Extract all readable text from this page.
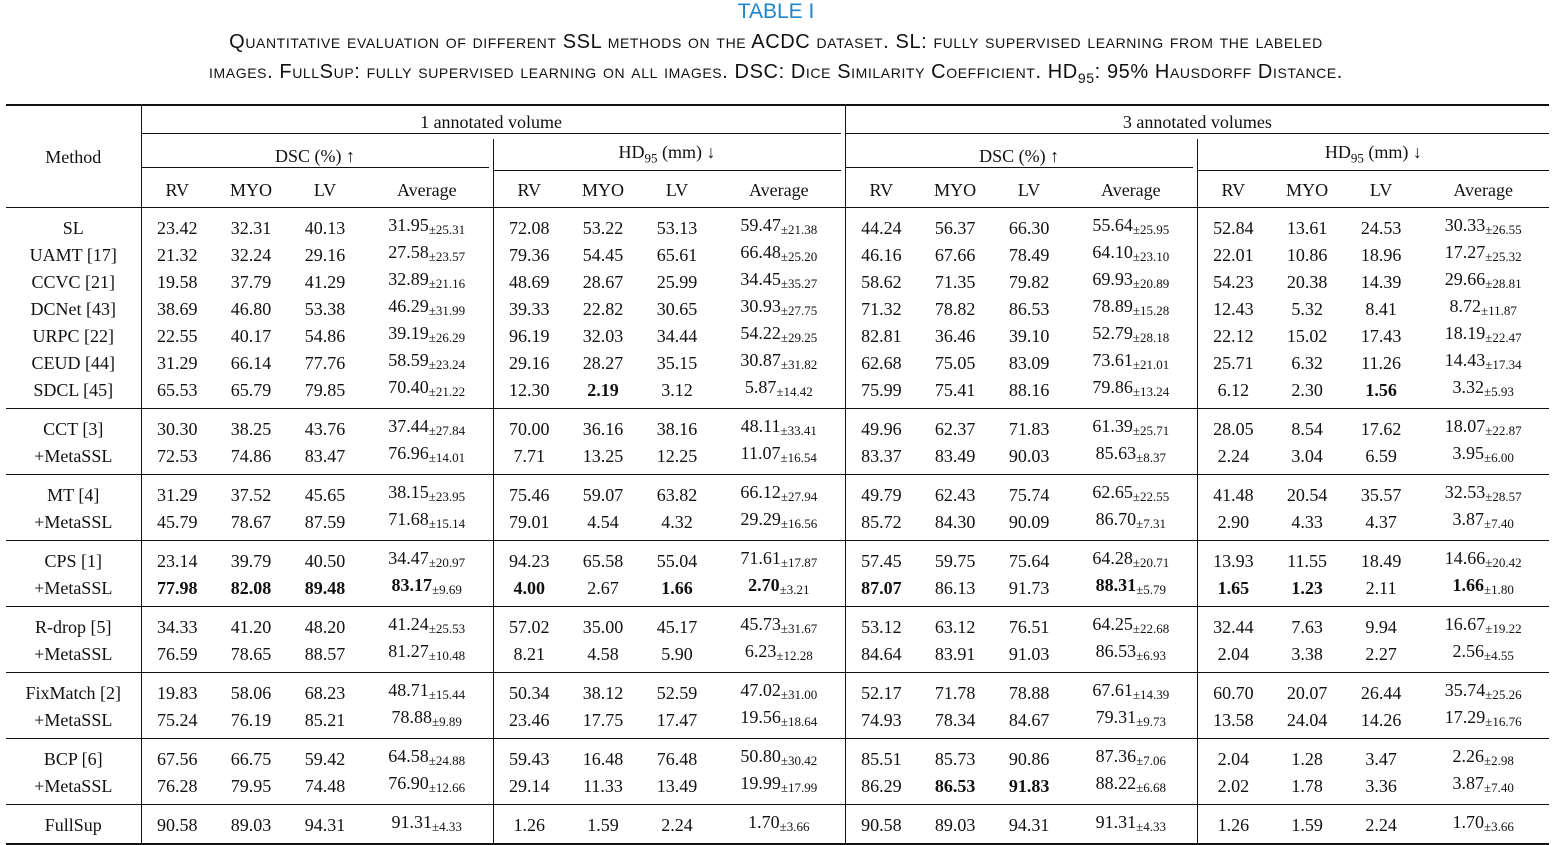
TABLE I
Quantitative evaluation of different SSL methods on the ACDC dataset. SL: fully supervised learning from the labeled
images. FullSup: fully supervised learning on all images. DSC: Dice Similarity Coefficient. $HD_{95}$: 95% Hausdorff Distance.
Method	1 annotated volume								3 annotated volumes							

	DSC (%) ↑				$HD_{95}$ (mm) ↓				DSC (%) ↑				$HD_{95}$ (mm) ↓			

	RV	MYO	LV	Average	RV	MYO	LV	Average	RV	MYO	LV	Average	RV	MYO	LV	Average
SL	23.42	32.31	40.13	31.95±25.31	72.08	53.22	53.13	59.47±21.38	44.24	56.37	66.30	55.64±25.95	52.84	13.61	24.53	30.33±26.55
UAMT [17]	21.32	32.24	29.16	27.58±23.57	79.36	54.45	65.61	66.48±25.20	46.16	67.66	78.49	64.10±23.10	22.01	10.86	18.96	17.27±25.32
CCVC [21]	19.58	37.79	41.29	32.89±21.16	48.69	28.67	25.99	34.45±35.27	58.62	71.35	79.82	69.93±20.89	54.23	20.38	14.39	29.66±28.81
DCNet [43]	38.69	46.80	53.38	46.29±31.99	39.33	22.82	30.65	30.93±27.75	71.32	78.82	86.53	78.89±15.28	12.43	5.32	8.41	8.72±11.87
URPC [22]	22.55	40.17	54.86	39.19±26.29	96.19	32.03	34.44	54.22±29.25	82.81	36.46	39.10	52.79±28.18	22.12	15.02	17.43	18.19±22.47
CEUD [44]	31.29	66.14	77.76	58.59±23.24	29.16	28.27	35.15	30.87±31.82	62.68	75.05	83.09	73.61±21.01	25.71	6.32	11.26	14.43±17.34
SDCL [45]	65.53	65.79	79.85	70.40±21.22	12.30	2.19	3.12	5.87±14.42	75.99	75.41	88.16	79.86±13.24	6.12	2.30	1.56	3.32±5.93
CCT [3]	30.30	38.25	43.76	37.44±27.84	70.00	36.16	38.16	48.11±33.41	49.96	62.37	71.83	61.39±25.71	28.05	8.54	17.62	18.07±22.87
+MetaSSL	72.53	74.86	83.47	76.96±14.01	7.71	13.25	12.25	11.07±16.54	83.37	83.49	90.03	85.63±8.37	2.24	3.04	6.59	3.95±6.00
MT [4]	31.29	37.52	45.65	38.15±23.95	75.46	59.07	63.82	66.12±27.94	49.79	62.43	75.74	62.65±22.55	41.48	20.54	35.57	32.53±28.57
+MetaSSL	45.79	78.67	87.59	71.68±15.14	79.01	4.54	4.32	29.29±16.56	85.72	84.30	90.09	86.70±7.31	2.90	4.33	4.37	3.87±7.40
CPS [1]	23.14	39.79	40.50	34.47±20.97	94.23	65.58	55.04	71.61±17.87	57.45	59.75	75.64	64.28±20.71	13.93	11.55	18.49	14.66±20.42
+MetaSSL	77.98	82.08	89.48	83.17±9.69	4.00	2.67	1.66	2.70±3.21	87.07	86.13	91.73	88.31±5.79	1.65	1.23	2.11	1.66±1.80
R-drop [5]	34.33	41.20	48.20	41.24±25.53	57.02	35.00	45.17	45.73±31.67	53.12	63.12	76.51	64.25±22.68	32.44	7.63	9.94	16.67±19.22
+MetaSSL	76.59	78.65	88.57	81.27±10.48	8.21	4.58	5.90	6.23±12.28	84.64	83.91	91.03	86.53±6.93	2.04	3.38	2.27	2.56±4.55
FixMatch [2]	19.83	58.06	68.23	48.71±15.44	50.34	38.12	52.59	47.02±31.00	52.17	71.78	78.88	67.61±14.39	60.70	20.07	26.44	35.74±25.26
+MetaSSL	75.24	76.19	85.21	78.88±9.89	23.46	17.75	17.47	19.56±18.64	74.93	78.34	84.67	79.31±9.73	13.58	24.04	14.26	17.29±16.76
BCP [6]	67.56	66.75	59.42	64.58±24.88	59.43	16.48	76.48	50.80±30.42	85.51	85.73	90.86	87.36±7.06	2.04	1.28	3.47	2.26±2.98
+MetaSSL	76.28	79.95	74.48	76.90±12.66	29.14	11.33	13.49	19.99±17.99	86.29	86.53	91.83	88.22±6.68	2.02	1.78	3.36	3.87±7.40
FullSup	90.58	89.03	94.31	91.31±4.33	1.26	1.59	2.24	1.70±3.66	90.58	89.03	94.31	91.31±4.33	1.26	1.59	2.24	1.70±3.66
